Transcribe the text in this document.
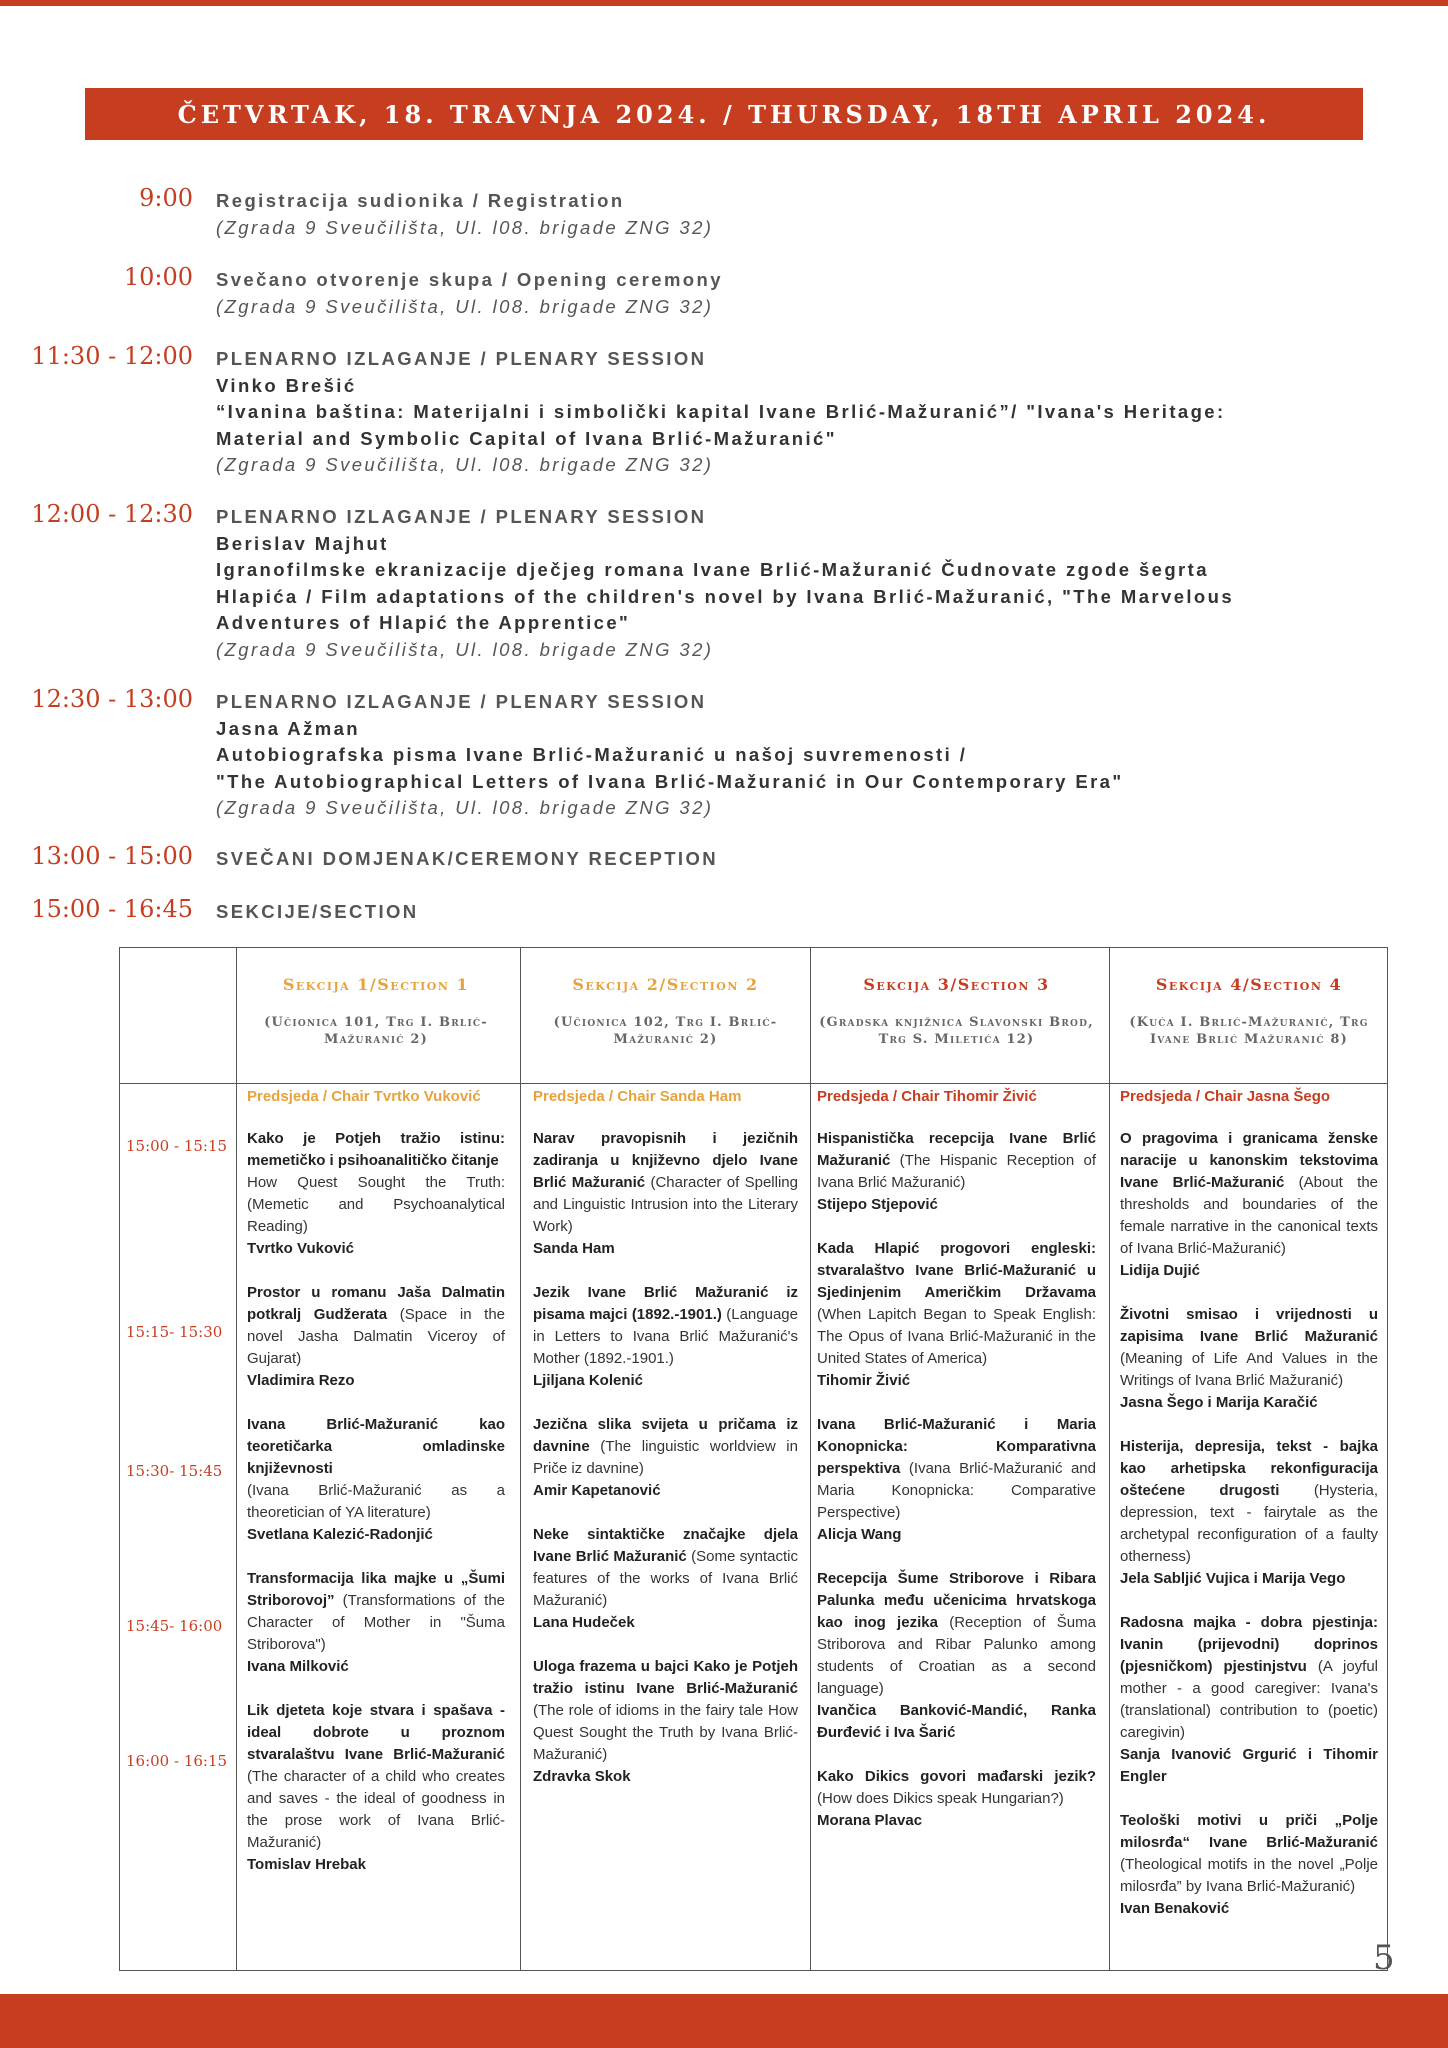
ČETVRTAK, 18. TRAVNJA 2024. / THURSDAY, 18TH APRIL 2024.
9:00 Registracija sudionika / Registration
(Zgrada 9 Sveučilišta, Ul. l08. brigade ZNG 32)
10:00 Svečano otvorenje skupa / Opening ceremony
(Zgrada 9 Sveučilišta, Ul. l08. brigade ZNG 32)
11:30 - 12:00 PLENARNO IZLAGANJE / PLENARY SESSION
Vinko Brešić
“Ivanina baština: Materijalni i simbolički kapital Ivane Brlić-Mažuranić”/ "Ivana's Heritage:
Material and Symbolic Capital of Ivana Brlić-Mažuranić"
(Zgrada 9 Sveučilišta, Ul. l08. brigade ZNG 32)
12:00 - 12:30 PLENARNO IZLAGANJE / PLENARY SESSION
Berislav Majhut
Igranofilmske ekranizacije dječjeg romana Ivane Brlić-Mažuranić Čudnovate zgode šegrta
Hlapića / Film adaptations of the children's novel by Ivana Brlić-Mažuranić, "The Marvelous
Adventures of Hlapić the Apprentice"
(Zgrada 9 Sveučilišta, Ul. l08. brigade ZNG 32)
12:30 - 13:00 PLENARNO IZLAGANJE / PLENARY SESSION
Jasna Ažman
Autobiografska pisma Ivane Brlić-Mažuranić u našoj suvremenosti /
"The Autobiographical Letters of Ivana Brlić-Mažuranić in Our Contemporary Era"
(Zgrada 9 Sveučilišta, Ul. l08. brigade ZNG 32)
13:00 - 15:00 SVEČANI DOMJENAK/CEREMONY RECEPTION
15:00 - 16:45 SEKCIJE/SECTION
Sekcija 1/Section 1
(Učionica 101, Trg I. Brlić-Mažuranić 2)
Predsjeda / Chair Tvrtko Vuković
Kako je Potjeh tražio istinu: memetičko i psihoanalitičko čitanje
How Quest Sought the Truth: (Memetic and Psychoanalytical Reading)
Tvrtko Vuković
Prostor u romanu Jaša Dalmatin potkralj Gudžerata (Space in the novel Jasha Dalmatin Viceroy of Gujarat)
Vladimira Rezo
Ivana Brlić-Mažuranić kao teoretičarka omladinske književnosti
(Ivana Brlić-Mažuranić as a theoretician of YA literature)
Svetlana Kalezić-Radonjić
Transformacija lika majke u „Šumi Striborovoj” (Transformations of the Character of Mother in "Šuma Striborova")
Ivana Milković
Lik djeteta koje stvara i spašava - ideal dobrote u proznom stvaralaštvu Ivane Brlić-Mažuranić (The character of a child who creates and saves - the ideal of goodness in the prose work of Ivana Brlić-Mažuranić)
Tomislav Hrebak
Sekcija 2/Section 2
(Učionica 102, Trg I. Brlić-Mažuranić 2)
Predsjeda / Chair Sanda Ham
Narav pravopisnih i jezičnih zadiranja u književno djelo Ivane Brlić Mažuranić (Character of Spelling and Linguistic Intrusion into the Literary Work)
Sanda Ham
Jezik Ivane Brlić Mažuranić iz pisama majci (1892.-1901.) (Language in Letters to Ivana Brlić Mažuranić's Mother (1892.-1901.)
Ljiljana Kolenić
Jezična slika svijeta u pričama iz davnine (The linguistic worldview in Priče iz davnine)
Amir Kapetanović
Neke sintaktičke značajke djela Ivane Brlić Mažuranić (Some syntactic features of the works of Ivana Brlić Mažuranić)
Lana Hudeček
Uloga frazema u bajci Kako je Potjeh tražio istinu Ivane Brlić-Mažuranić (The role of idioms in the fairy tale How Quest Sought the Truth by Ivana Brlić-Mažuranić)
Zdravka Skok
Sekcija 3/Section 3
(Gradska knjižnica Slavonski Brod, Trg S. Miletića 12)
Predsjeda / Chair Tihomir Živić
Hispanistička recepcija Ivane Brlić Mažuranić (The Hispanic Reception of Ivana Brlić Mažuranić)
Stijepo Stjepović
Kada Hlapić progovori engleski: stvaralaštvo Ivane Brlić-Mažuranić u Sjedinjenim Američkim Državama (When Lapitch Began to Speak English: The Opus of Ivana Brlić-Mažuranić in the United States of America)
Tihomir Živić
Ivana Brlić-Mažuranić i Maria Konopnicka: Komparativna perspektiva (Ivana Brlić-Mažuranić and Maria Konopnicka: Comparative Perspective)
Alicja Wang
Recepcija Šume Striborove i Ribara Palunka među učenicima hrvatskoga kao inog jezika (Reception of Šuma Striborova and Ribar Palunko among students of Croatian as a second language)
Ivančica Banković-Mandić, Ranka Đurđević i Iva Šarić
Kako Dikics govori mađarski jezik? (How does Dikics speak Hungarian?)
Morana Plavac
Sekcija 4/Section 4
(Kuća I. Brlić-Mažuranić, Trg Ivane Brlić Mažuranić 8)
Predsjeda / Chair Jasna Šego
O pragovima i granicama ženske naracije u kanonskim tekstovima Ivane Brlić-Mažuranić (About the thresholds and boundaries of the female narrative in the canonical texts of Ivana Brlić-Mažuranić)
Lidija Dujić
Životni smisao i vrijednosti u zapisima Ivane Brlić Mažuranić (Meaning of Life And Values in the Writings of Ivana Brlić Mažuranić)
Jasna Šego i Marija Karačić
Histerija, depresija, tekst - bajka kao arhetipska rekonfiguracija oštećene drugosti (Hysteria, depression, text - fairytale as the archetypal reconfiguration of a faulty otherness)
Jela Sabljić Vujica i Marija Vego
Radosna majka - dobra pjestinja: Ivanin (prijevodni) doprinos (pjesničkom) pjestinjstvu (A joyful mother - a good caregiver: Ivana's (translational) contribution to (poetic) caregivin)
Sanja Ivanović Grgurić i Tihomir Engler
Teološki motivi u priči „Polje milosrđa“ Ivane Brlić-Mažuranić (Theological motifs in the novel „Polje milosrđa” by Ivana Brlić-Mažuranić)
Ivan Benaković
15:00 - 15:15
15:15- 15:30
15:30- 15:45
15:45- 16:00
16:00 - 16:15
5
